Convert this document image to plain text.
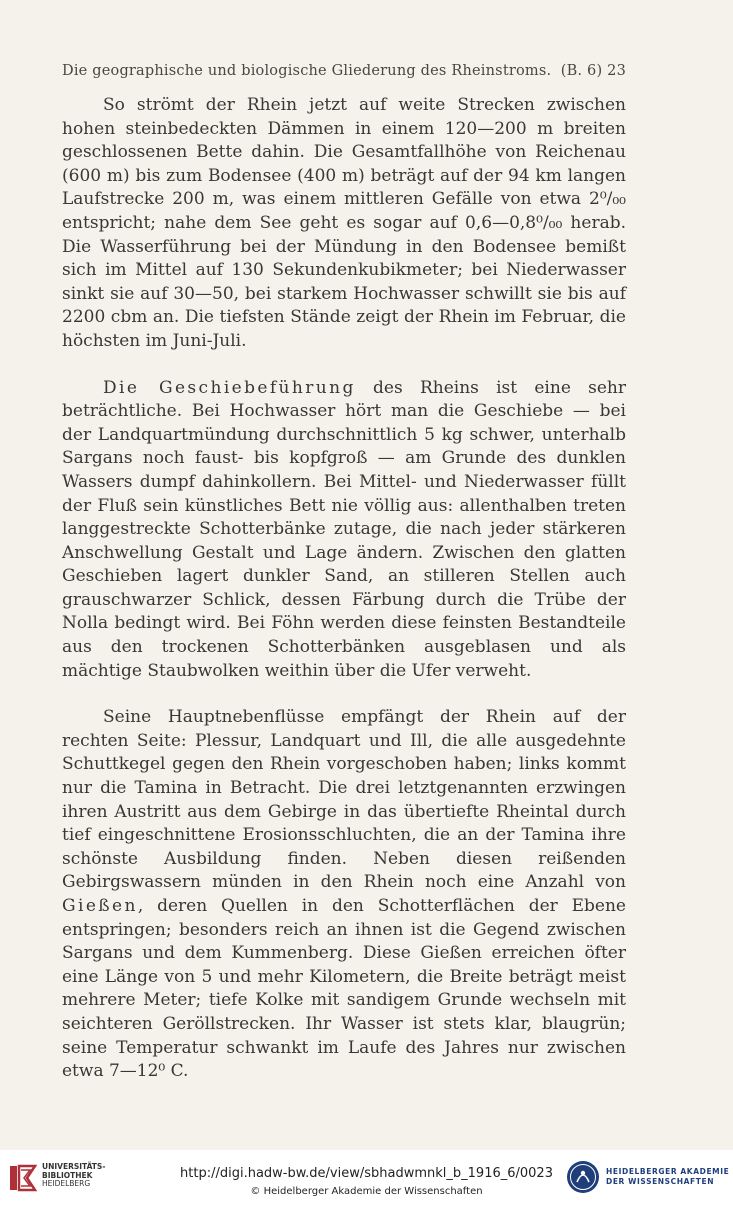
Die geographische und biologische Gliederung des Rheinstroms. (B. 6) 23

So strömt der Rhein jetzt auf weite Strecken zwischen hohen steinbedeckten Dämmen in einem 120—200 m breiten geschlossenen Bette dahin. Die Gesamtfallhöhe von Reichenau (600 m) bis zum Bodensee (400 m) beträgt auf der 94 km langen Laufstrecke 200 m, was einem mittleren Gefälle von etwa 2⁰/₀₀ entspricht; nahe dem See geht es sogar auf 0,6—0,8⁰/₀₀ herab. Die Wasserführung bei der Mündung in den Bodensee bemißt sich im Mittel auf 130 Sekundenkubikmeter; bei Niederwasser sinkt sie auf 30—50, bei starkem Hochwasser schwillt sie bis auf 2200 cbm an. Die tiefsten Stände zeigt der Rhein im Februar, die höchsten im Juni-Juli.

Die Geschiebeführung des Rheins ist eine sehr beträchtliche. Bei Hochwasser hört man die Geschiebe — bei der Landquartmündung durchschnittlich 5 kg schwer, unterhalb Sargans noch faust- bis kopfgroß — am Grunde des dunklen Wassers dumpf dahinkollern. Bei Mittel- und Niederwasser füllt der Fluß sein künstliches Bett nie völlig aus: allenthalben treten langgestreckte Schotterbänke zutage, die nach jeder stärkeren Anschwellung Gestalt und Lage ändern. Zwischen den glatten Geschieben lagert dunkler Sand, an stilleren Stellen auch grauschwarzer Schlick, dessen Färbung durch die Trübe der Nolla bedingt wird. Bei Föhn werden diese feinsten Bestandteile aus den trockenen Schotterbänken ausgeblasen und als mächtige Staubwolken weithin über die Ufer verweht.

Seine Hauptnebenflüsse empfängt der Rhein auf der rechten Seite: Plessur, Landquart und Ill, die alle ausgedehnte Schuttkegel gegen den Rhein vorgeschoben haben; links kommt nur die Tamina in Betracht. Die drei letztgenannten erzwingen ihren Austritt aus dem Gebirge in das übertiefte Rheintal durch tief eingeschnittene Erosionsschluchten, die an der Tamina ihre schönste Ausbildung finden. Neben diesen reißenden Gebirgswassern münden in den Rhein noch eine Anzahl von Gießen, deren Quellen in den Schotterflächen der Ebene entspringen; besonders reich an ihnen ist die Gegend zwischen Sargans und dem Kummenberg. Diese Gießen erreichen öfter eine Länge von 5 und mehr Kilometern, die Breite beträgt meist mehrere Meter; tiefe Kolke mit sandigem Grunde wechseln mit seichteren Geröllstrecken. Ihr Wasser ist stets klar, blaugrün; seine Temperatur schwankt im Laufe des Jahres nur zwischen etwa 7—12⁰ C.

UNIVERSITÄTS-
BIBLIOTHEK
HEIDELBERG
http://digi.hadw-bw.de/view/sbhadwmnkl_b_1916_6/0023
© Heidelberger Akademie der Wissenschaften
HEIDELBERGER AKADEMIE
DER WISSENSCHAFTEN
